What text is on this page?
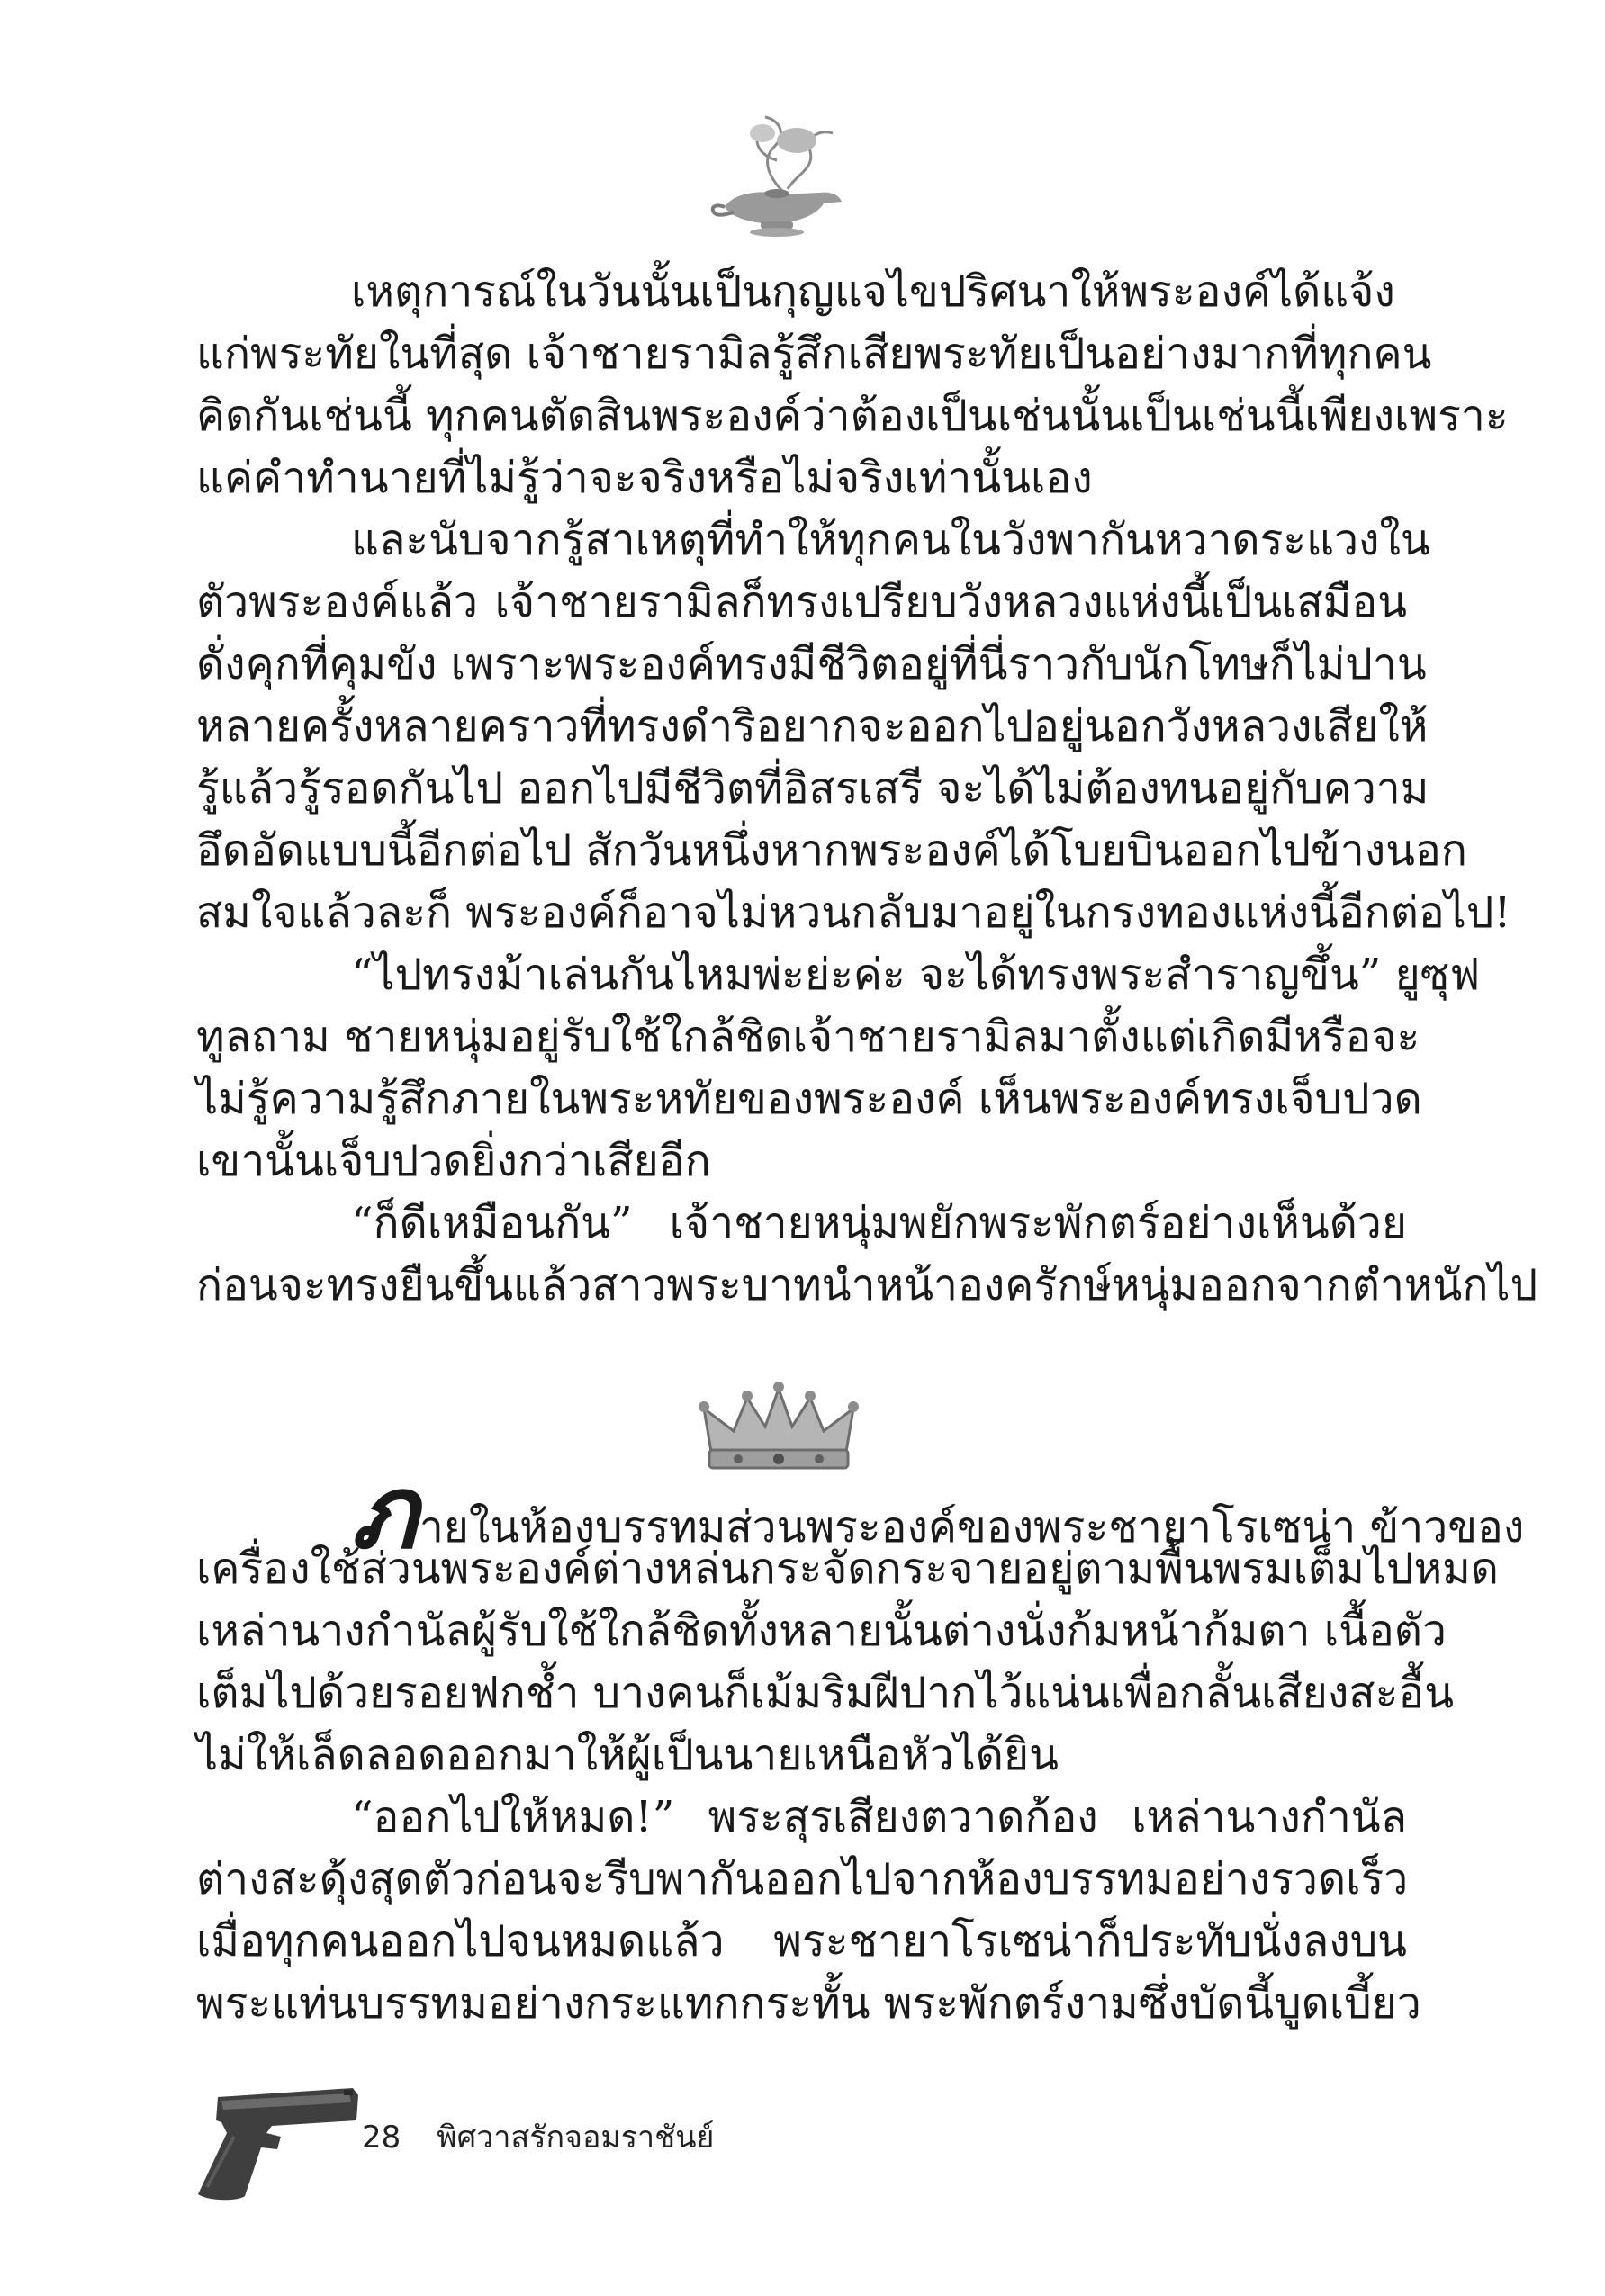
เหตุการณ์ในวันนั้นเป็นกุญแจไขปริศนาให้พระองค์ได้แจ้ง
แก่พระทัยในที่สุด เจ้าชายรามิลรู้สึกเสียพระทัยเป็นอย่างมากที่ทุกคน
คิดกันเช่นนี้ ทุกคนตัดสินพระองค์ว่าต้องเป็นเช่นนั้นเป็นเช่นนี้เพียงเพราะ
แค่คำทำนายที่ไม่รู้ว่าจะจริงหรือไม่จริงเท่านั้นเอง
และนับจากรู้สาเหตุที่ทำให้ทุกคนในวังพากันหวาดระแวงใน
ตัวพระองค์แล้ว เจ้าชายรามิลก็ทรงเปรียบวังหลวงแห่งนี้เป็นเสมือน
ดั่งคุกที่คุมขัง เพราะพระองค์ทรงมีชีวิตอยู่ที่นี่ราวกับนักโทษก็ไม่ปาน
หลายครั้งหลายคราวที่ทรงดำริอยากจะออกไปอยู่นอกวังหลวงเสียให้
รู้แล้วรู้รอดกันไป ออกไปมีชีวิตที่อิสรเสรี จะได้ไม่ต้องทนอยู่กับความ
อึดอัดแบบนี้อีกต่อไป สักวันหนึ่งหากพระองค์ได้โบยบินออกไปข้างนอก
สมใจแล้วละก็ พระองค์ก็อาจไม่หวนกลับมาอยู่ในกรงทองแห่งนี้อีกต่อไป!
“ไปทรงม้าเล่นกันไหมพ่ะย่ะค่ะ จะได้ทรงพระสำราญขึ้น” ยูซุฟ
ทูลถาม ชายหนุ่มอยู่รับใช้ใกล้ชิดเจ้าชายรามิลมาตั้งแต่เกิดมีหรือจะ
ไม่รู้ความรู้สึกภายในพระหทัยของพระองค์ เห็นพระองค์ทรงเจ็บปวด
เขานั้นเจ็บปวดยิ่งกว่าเสียอีก
“ก็ดีเหมือนกัน” เจ้าชายหนุ่มพยักพระพักตร์อย่างเห็นด้วย
ก่อนจะทรงยืนขึ้นแล้วสาวพระบาทนำหน้าองครักษ์หนุ่มออกจากตำหนักไป
ภายในห้องบรรทมส่วนพระองค์ของพระชายาโรเซน่า ข้าวของ
เครื่องใช้ส่วนพระองค์ต่างหล่นกระจัดกระจายอยู่ตามพื้นพรมเต็มไปหมด
เหล่านางกำนัลผู้รับใช้ใกล้ชิดทั้งหลายนั้นต่างนั่งก้มหน้าก้มตา เนื้อตัว
เต็มไปด้วยรอยฟกช้ำ บางคนก็เม้มริมฝีปากไว้แน่นเพื่อกลั้นเสียงสะอื้น
ไม่ให้เล็ดลอดออกมาให้ผู้เป็นนายเหนือหัวได้ยิน
“ออกไปให้หมด!” พระสุรเสียงตวาดก้อง เหล่านางกำนัล
ต่างสะดุ้งสุดตัวก่อนจะรีบพากันออกไปจากห้องบรรทมอย่างรวดเร็ว
เมื่อทุกคนออกไปจนหมดแล้ว พระชายาโรเซน่าก็ประทับนั่งลงบน
พระแท่นบรรทมอย่างกระแทกกระทั้น พระพักตร์งามซึ่งบัดนี้บูดเบี้ยว
28 พิศวาสรักจอมราชันย์
